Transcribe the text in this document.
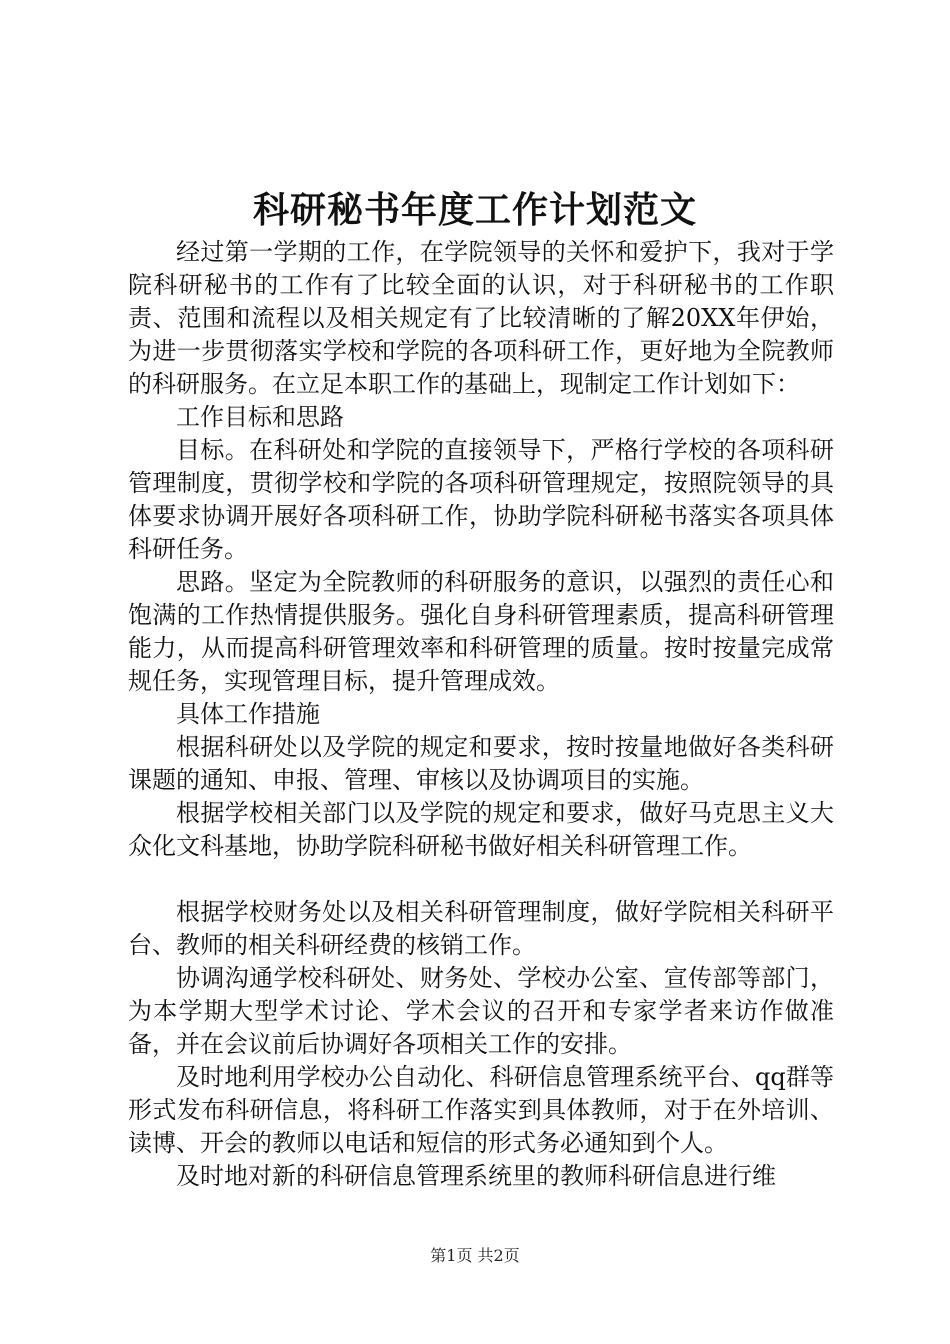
科研秘书年度工作计划范文

经过第一学期的工作，在学院领导的关怀和爱护下，我对于学院科研秘书的工作有了比较全面的认识，对于科研秘书的工作职责、范围和流程以及相关规定有了比较清晰的了解20XX年伊始，为进一步贯彻落实学校和学院的各项科研工作，更好地为全院教师的科研服务。在立足本职工作的基础上，现制定工作计划如下：

工作目标和思路

目标。在科研处和学院的直接领导下，严格行学校的各项科研管理制度，贯彻学校和学院的各项科研管理规定，按照院领导的具体要求协调开展好各项科研工作，协助学院科研秘书落实各项具体科研任务。

思路。坚定为全院教师的科研服务的意识，以强烈的责任心和饱满的工作热情提供服务。强化自身科研管理素质，提高科研管理能力，从而提高科研管理效率和科研管理的质量。按时按量完成常规任务，实现管理目标，提升管理成效。

具体工作措施

根据科研处以及学院的规定和要求，按时按量地做好各类科研课题的通知、申报、管理、审核以及协调项目的实施。

根据学校相关部门以及学院的规定和要求，做好马克思主义大众化文科基地，协助学院科研秘书做好相关科研管理工作。

根据学校财务处以及相关科研管理制度，做好学院相关科研平台、教师的相关科研经费的核销工作。

协调沟通学校科研处、财务处、学校办公室、宣传部等部门，为本学期大型学术讨论、学术会议的召开和专家学者来访作做准备，并在会议前后协调好各项相关工作的安排。

及时地利用学校办公自动化、科研信息管理系统平台、qq群等形式发布科研信息，将科研工作落实到具体教师，对于在外培训、读博、开会的教师以电话和短信的形式务必通知到个人。

及时地对新的科研信息管理系统里的教师科研信息进行维

第1页 共2页
